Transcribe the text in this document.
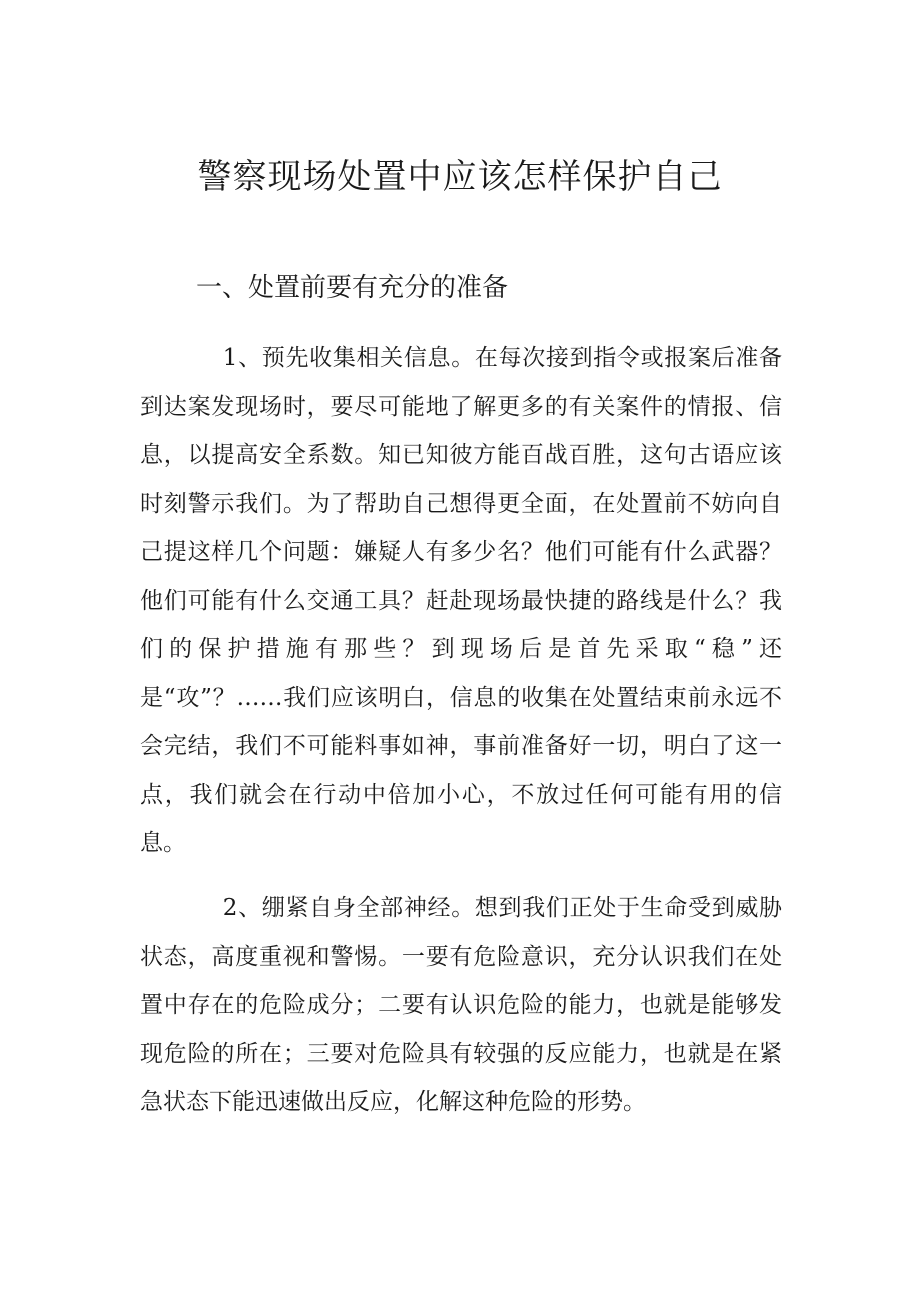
警察现场处置中应该怎样保护自己
一、处置前要有充分的准备

1、预先收集相关信息。在每次接到指令或报案后准备到达案发现场时，要尽可能地了解更多的有关案件的情报、信息，以提高安全系数。知已知彼方能百战百胜，这句古语应该时刻警示我们。为了帮助自己想得更全面，在处置前不妨向自己提这样几个问题：嫌疑人有多少名？他们可能有什么武器？他们可能有什么交通工具？赶赴现场最快捷的路线是什么？我们的保护措施有那些？到现场后是首先采取“稳”还是“攻”？……我们应该明白，信息的收集在处置结束前永远不会完结，我们不可能料事如神，事前准备好一切，明白了这一点，我们就会在行动中倍加小心，不放过任何可能有用的信息。

2、绷紧自身全部神经。想到我们正处于生命受到威胁状态，高度重视和警惕。一要有危险意识，充分认识我们在处置中存在的危险成分；二要有认识危险的能力，也就是能够发现危险的所在；三要对危险具有较强的反应能力，也就是在紧急状态下能迅速做出反应，化解这种危险的形势。
